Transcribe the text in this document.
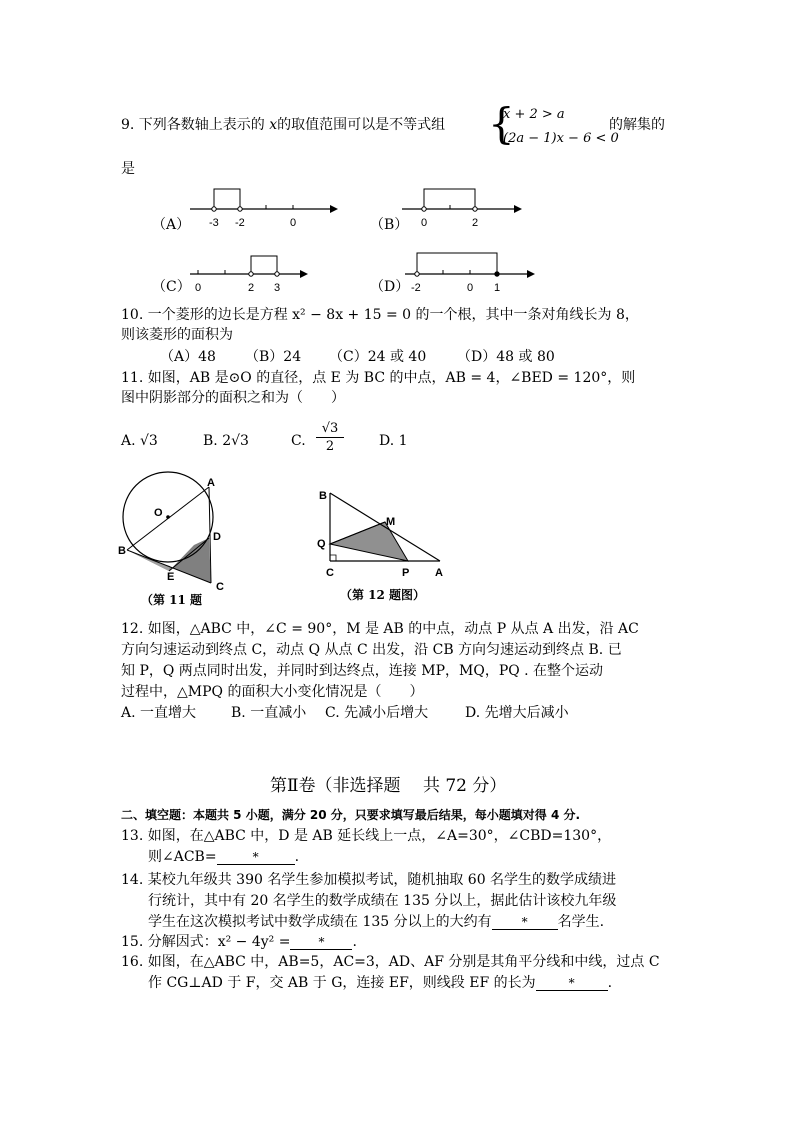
9. 下列各数轴上表示的 x的取值范围可以是不等式组 {
x + 2 > a
(2a − 1)x − 6 < 0
的解集的
是
（A） -3 -2	0	（B） 0	2
（C） 0	2 3	（D） -2	0 1
10. 一个菱形的边长是方程 x² − 8x + 15 = 0 的一个根，其中一条对角线长为 8，
则该菱形的面积为
（A）48 （B）24 （C）24 或 40 （D）48 或 80
11. 如图，AB 是⊙O 的直径，点 E 为 BC 的中点，AB = 4，∠BED = 120°，则
图中阴影部分的面积之和为（　　）
A. √3	B. 2√3	C. $\frac{√3}{2}$	D. 1
A
O
B
D
E
C
（第 11 题
B
M
Q
C	P A
（第 12 题图）
12. 如图，△ABC 中，∠C = 90°，M 是 AB 的中点，动点 P 从点 A 出发，沿 AC
方向匀速运动到终点 C，动点 Q 从点 C 出发，沿 CB 方向匀速运动到终点 B. 已
知 P，Q 两点同时出发，并同时到达终点，连接 MP，MQ，PQ . 在整个运动
过程中，△MPQ 的面积大小变化情况是（　　）
A. 一直增大 B. 一直减小 C. 先减小后增大	D. 先增大后减小
第Ⅱ卷（非选择题　 共 72 分）
二、填空题：本题共 5 小题，满分 20 分，只要求填写最后结果，每小题填对得 4 分.
13. 如图，在△ABC 中，D 是 AB 延长线上一点，∠A=30°，∠CBD=130°，
则∠ACB=	*	.
14. 某校九年级共 390 名学生参加模拟考试，随机抽取 60 名学生的数学成绩进
行统计，其中有 20 名学生的数学成绩在 135 分以上，据此估计该校九年级
学生在这次模拟考试中数学成绩在 135 分以上的大约有	* 名学生.
15. 分解因式：x² − 4y² = * .
16. 如图，在△ABC 中，AB=5，AC=3，AD、AF 分别是其角平分线和中线，过点 C
作 CG⊥AD 于 F，交 AB 于 G，连接 EF，则线段 EF 的长为	* .
